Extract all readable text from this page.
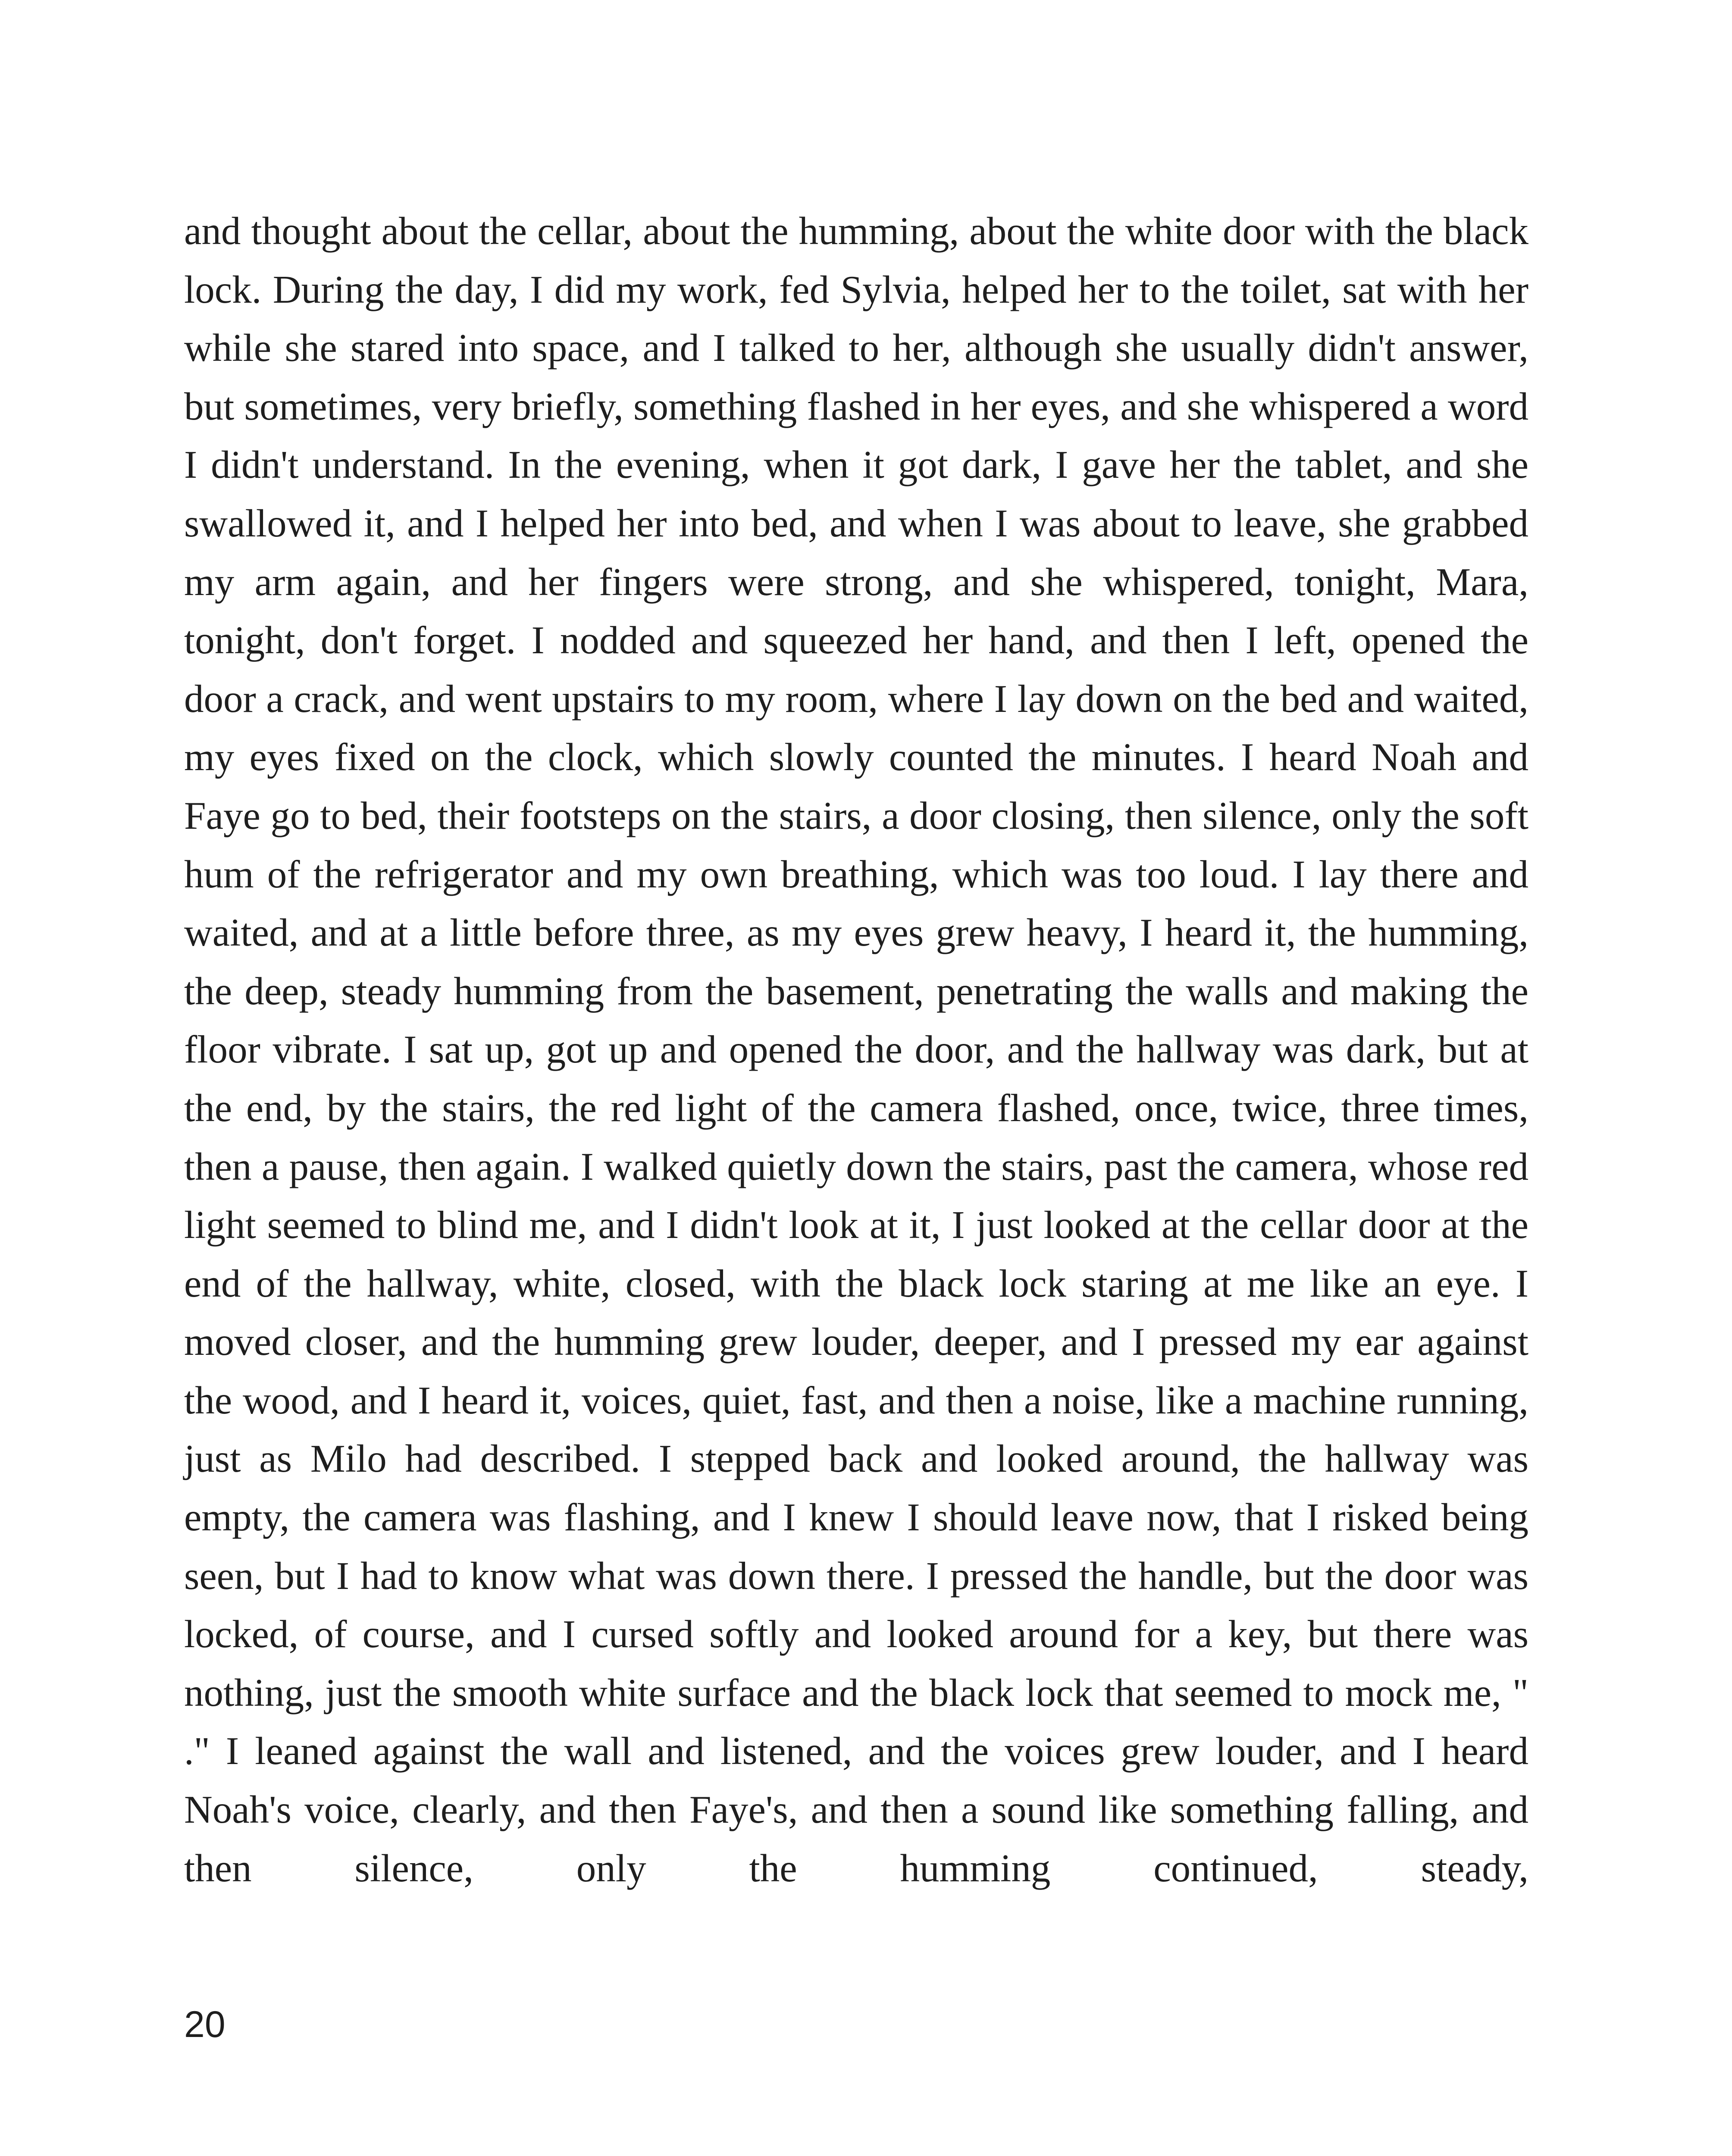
and thought about the cellar, about the humming, about the white door with the black lock. During the day, I did my work, fed Sylvia, helped her to the toilet, sat with her while she stared into space, and I talked to her, although she usually didn't answer, but sometimes, very briefly, something flashed in her eyes, and she whispered a word I didn't understand. In the evening, when it got dark, I gave her the tablet, and she swallowed it, and I helped her into bed, and when I was about to leave, she grabbed my arm again, and her fingers were strong, and she whispered, tonight, Mara, tonight, don't forget. I nodded and squeezed her hand, and then I left, opened the door a crack, and went upstairs to my room, where I lay down on the bed and waited, my eyes fixed on the clock, which slowly counted the minutes. I heard Noah and Faye go to bed, their footsteps on the stairs, a door closing, then silence, only the soft hum of the refrigerator and my own breathing, which was too loud. I lay there and waited, and at a little before three, as my eyes grew heavy, I heard it, the humming, the deep, steady humming from the basement, penetrating the walls and making the floor vibrate. I sat up, got up and opened the door, and the hallway was dark, but at the end, by the stairs, the red light of the camera flashed, once, twice, three times, then a pause, then again. I walked quietly down the stairs, past the camera, whose red light seemed to blind me, and I didn't look at it, I just looked at the cellar door at the end of the hallway, white, closed, with the black lock staring at me like an eye. I moved closer, and the humming grew louder, deeper, and I pressed my ear against the wood, and I heard it, voices, quiet, fast, and then a noise, like a machine running, just as Milo had described. I stepped back and looked around, the hallway was empty, the camera was flashing, and I knew I should leave now, that I risked being seen, but I had to know what was down there. I pressed the handle, but the door was locked, of course, and I cursed softly and looked around for a key, but there was nothing, just the smooth white surface and the black lock that seemed to mock me, " ." I leaned against the wall and listened, and the voices grew louder, and I heard Noah's voice, clearly, and then Faye's, and then a sound like something falling, and then silence, only the humming continued, steady,

20
